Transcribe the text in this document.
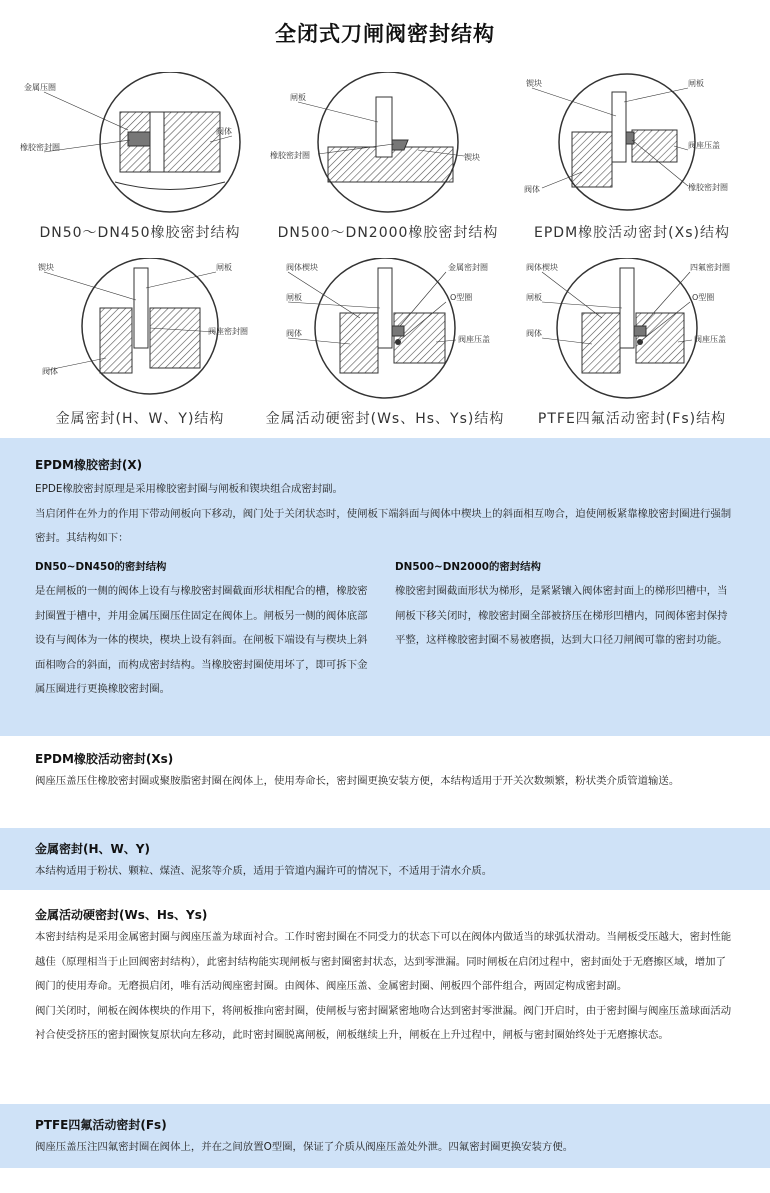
全闭式刀闸阀密封结构
金属压圈
橡胶密封圈
阀体
DN50～DN450橡胶密封结构
闸板
橡胶密封圈	锲块
DN500～DN2000橡胶密封结构
锲块	闸板
阀座压盖
阀体	橡胶密封圈
EPDM橡胶活动密封(Xs)结构
锲块	闸板
阀座密封圈
阀体
金属密封(H、W、Y)结构
阀体楔块	金属密封圈
闸板	O型圈
阀体
阀座压盖
金属活动硬密封(Ws、Hs、Ys)结构
阀体楔块	四氟密封圈
闸板	O型圈
阀体
阀座压盖
PTFE四氟活动密封(Fs)结构
EPDM橡胶密封(X)

EPDE橡胶密封原理是采用橡胶密封圈与闸板和锲块组合成密封副。

当启闭件在外力的作用下带动闸板向下移动，阀门处于关闭状态时，使闸板下端斜面与阀体中楔块上的斜面相互吻合，迫使闸板紧靠橡胶密封圈进行强制密封。其结构如下：

DN50~DN450的密封结构

是在闸板的一侧的阀体上设有与橡胶密封圈截面形状相配合的槽，橡胶密封圈置于槽中，并用金属压圈压住固定在阀体上。闸板另一侧的阀体底部设有与阀体为一体的楔块，楔块上设有斜面。在闸板下端设有与楔块上斜面相吻合的斜面，而构成密封结构。当橡胶密封圈使用坏了，即可拆下金属压圈进行更换橡胶密封圈。

DN500~DN2000的密封结构

橡胶密封圈截面形状为梯形，是紧紧镶入阀体密封面上的梯形凹槽中，当闸板下移关闭时，橡胶密封圈全部被挤压在梯形凹槽内，同阀体密封保持平整，这样橡胶密封圈不易被磨损，达到大口径刀闸阀可靠的密封功能。

EPDM橡胶活动密封(Xs)

阀座压盖压住橡胶密封圈或聚胺脂密封圈在阀体上，使用寿命长，密封圈更换安装方便，本结构适用于开关次数频繁，粉状类介质管道输送。

金属密封(H、W、Y)

本结构适用于粉状、颗粒、煤渣、泥浆等介质，适用于管道内漏许可的情况下，不适用于清水介质。

金属活动硬密封(Ws、Hs、Ys)

本密封结构是采用金属密封圈与阀座压盖为球面衬合。工作时密封圈在不同受力的状态下可以在阀体内做适当的球弧状滑动。当闸板受压越大，密封性能越佳（原理相当于止回阀密封结构），此密封结构能实现闸板与密封圈密封状态，达到零泄漏。同时闸板在启闭过程中，密封面处于无磨擦区域，增加了阀门的使用寿命。无磨损启闭，唯有活动阀座密封圈。由阀体、阀座压盖、金属密封圈、闸板四个部件组合，两固定构成密封副。

阀门关闭时，闸板在阀体楔块的作用下，将闸板推向密封圈，使闸板与密封圈紧密地吻合达到密封零泄漏。阀门开启时，由于密封圈与阀座压盖球面活动衬合使受挤压的密封圈恢复原状向左移动，此时密封圈脱离闸板，闸板继续上升，闸板在上升过程中，闸板与密封圈始终处于无磨擦状态。

PTFE四氟活动密封(Fs)

阀座压盖压注四氟密封圈在阀体上，并在之间放置O型圈，保证了介质从阀座压盖处外泄。四氟密封圈更换安装方便。
